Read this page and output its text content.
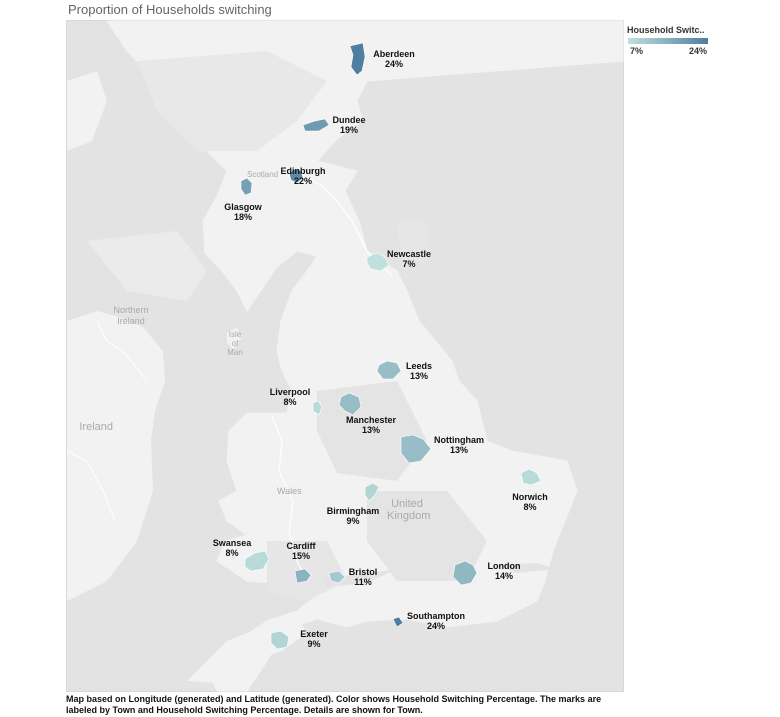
Proportion of Households switching
Scotland
Northern Ireland
Isle of Man
Ireland
Wales
United Kingdom
Aberdeen
24%
Dundee
19%
Edinburgh
22%
Glasgow
18%
Newcastle
7%
Leeds
13%
Liverpool
8%
Manchester
13%
Nottingham
13%
Norwich
8%
Birmingham
9%
Swansea
8%
Cardiff
15%
Bristol
11%
London
14%
Southampton
24%
Exeter
9%
Household Switc..
7%	24%
Map based on Longitude (generated) and Latitude (generated). Color shows Household Switching Percentage. The marks are labeled by Town and Household Switching Percentage. Details are shown for Town.
